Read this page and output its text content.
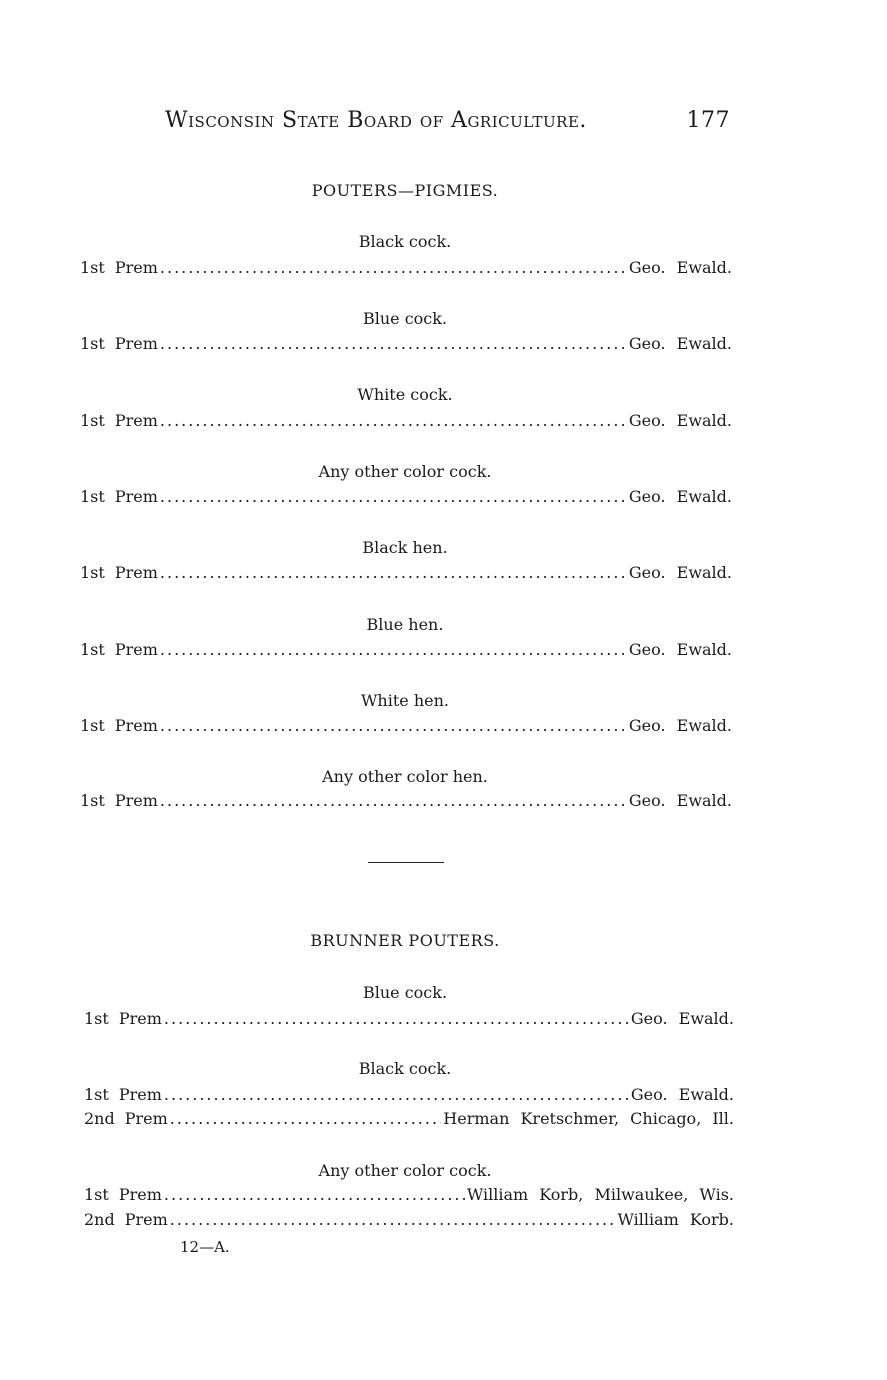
Wisconsin State Board of Agriculture.	177
POUTERS—PIGMIES.
Black cock.
1st Prem .....	Geo. Ewald.
Blue cock.
1st Prem .....	Geo. Ewald.
White cock.
1st Prem .....	Geo. Ewald.
Any other color cock.
1st Prem .....	Geo. Ewald.
Black hen.
1st Prem .....	Geo. Ewald.
Blue hen.
1st Prem .....	Geo. Ewald.
White hen.
1st Prem .....	Geo. Ewald.
Any other color hen.
1st Prem .....	Geo. Ewald.
BRUNNER POUTERS.
Blue cock.
1st Prem .....	Geo. Ewald.
Black cock.
1st Prem .....	Geo. Ewald.
2nd Prem .....	Herman Kretschmer, Chicago, Ill.
Any other color cock.
1st Prem .....	William Korb, Milwaukee, Wis.
2nd Prem .....	William Korb.
12—A.
